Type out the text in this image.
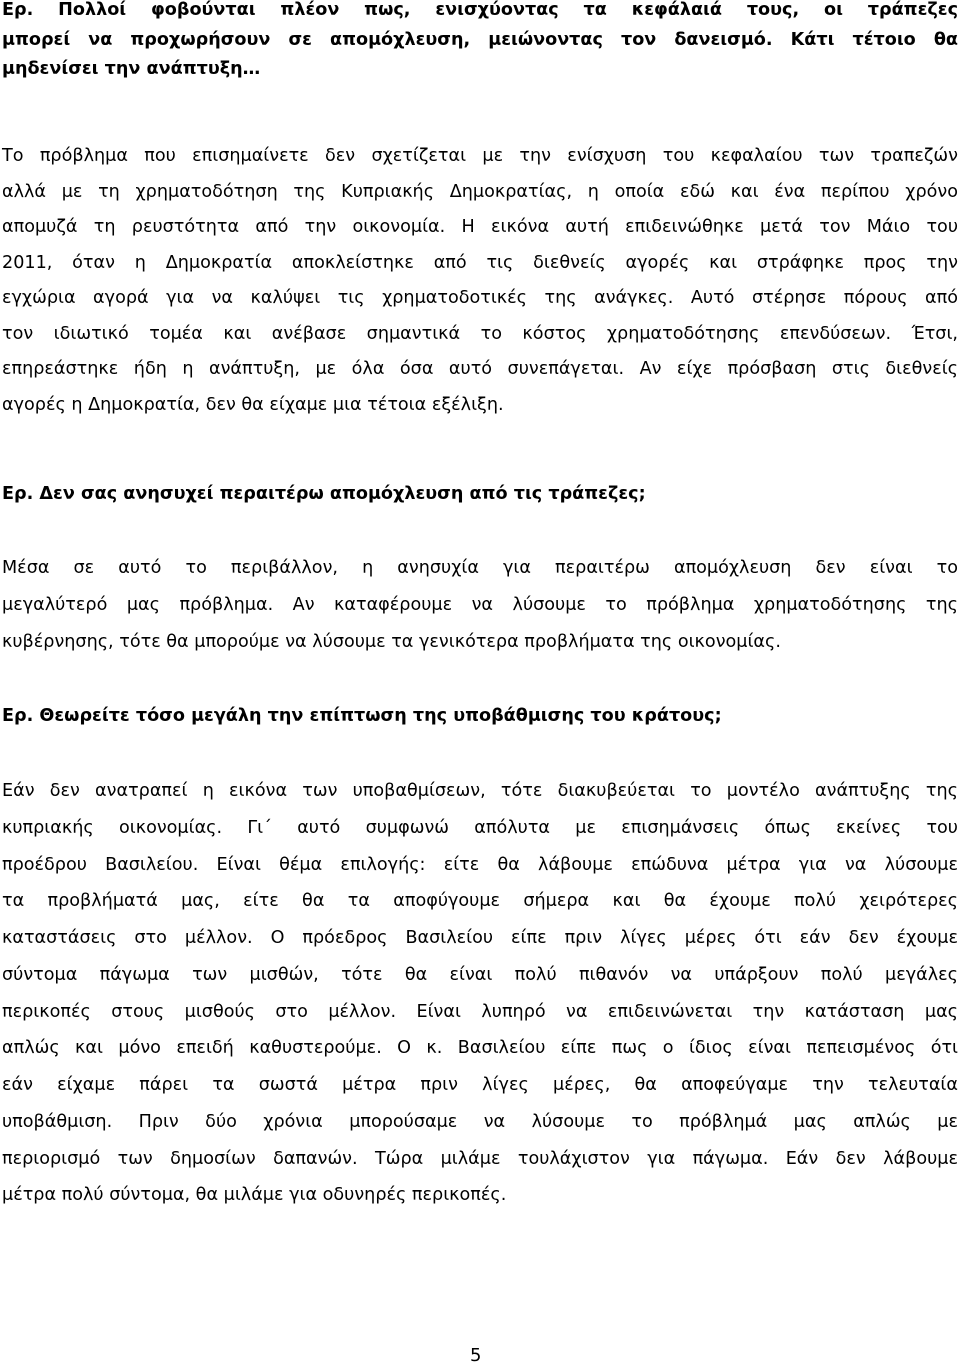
Ερ. Πολλοί φοβούνται πλέον πως, ενισχύοντας τα κεφάλαιά τους, οι τράπεζες
μπορεί να προχωρήσουν σε απομόχλευση, μειώνοντας τον δανεισμό. Κάτι τέτοιο θα
μηδενίσει την ανάπτυξη…
Το πρόβλημα που επισημαίνετε δεν σχετίζεται με την ενίσχυση του κεφαλαίου των τραπεζών
αλλά με τη χρηματοδότηση της Κυπριακής Δημοκρατίας, η οποία εδώ και ένα περίπου χρόνο
απομυζά τη ρευστότητα από την οικονομία. Η εικόνα αυτή επιδεινώθηκε μετά τον Μάιο του
2011, όταν η Δημοκρατία αποκλείστηκε από τις διεθνείς αγορές και στράφηκε προς την
εγχώρια αγορά για να καλύψει τις χρηματοδοτικές της ανάγκες. Αυτό στέρησε πόρους από
τον ιδιωτικό τομέα και ανέβασε σημαντικά το κόστος χρηματοδότησης επενδύσεων. Έτσι,
επηρεάστηκε ήδη η ανάπτυξη, με όλα όσα αυτό συνεπάγεται. Αν είχε πρόσβαση στις διεθνείς
αγορές η Δημοκρατία, δεν θα είχαμε μια τέτοια εξέλιξη.
Ερ. Δεν σας ανησυχεί περαιτέρω απομόχλευση από τις τράπεζες;
Μέσα σε αυτό το περιβάλλον, η ανησυχία για περαιτέρω απομόχλευση δεν είναι το
μεγαλύτερό μας πρόβλημα. Αν καταφέρουμε να λύσουμε το πρόβλημα χρηματοδότησης της
κυβέρνησης, τότε θα μπορούμε να λύσουμε τα γενικότερα προβλήματα της οικονομίας.
Ερ. Θεωρείτε τόσο μεγάλη την επίπτωση της υποβάθμισης του κράτους;
Εάν δεν ανατραπεί η εικόνα των υποβαθμίσεων, τότε διακυβεύεται το μοντέλο ανάπτυξης της
κυπριακής οικονομίας. Γι΄ αυτό συμφωνώ απόλυτα με επισημάνσεις όπως εκείνες του
προέδρου Βασιλείου. Είναι θέμα επιλογής: είτε θα λάβουμε επώδυνα μέτρα για να λύσουμε
τα προβλήματά μας, είτε θα τα αποφύγουμε σήμερα και θα έχουμε πολύ χειρότερες
καταστάσεις στο μέλλον. Ο πρόεδρος Βασιλείου είπε πριν λίγες μέρες ότι εάν δεν έχουμε
σύντομα πάγωμα των μισθών, τότε θα είναι πολύ πιθανόν να υπάρξουν πολύ μεγάλες
περικοπές στους μισθούς στο μέλλον. Είναι λυπηρό να επιδεινώνεται την κατάσταση μας
απλώς και μόνο επειδή καθυστερούμε. Ο κ. Βασιλείου είπε πως ο ίδιος είναι πεπεισμένος ότι
εάν είχαμε πάρει τα σωστά μέτρα πριν λίγες μέρες, θα αποφεύγαμε την τελευταία
υποβάθμιση. Πριν δύο χρόνια μπορούσαμε να λύσουμε το πρόβλημά μας απλώς με
περιορισμό των δημοσίων δαπανών. Τώρα μιλάμε τουλάχιστον για πάγωμα. Εάν δεν λάβουμε
μέτρα πολύ σύντομα, θα μιλάμε για οδυνηρές περικοπές.
5
